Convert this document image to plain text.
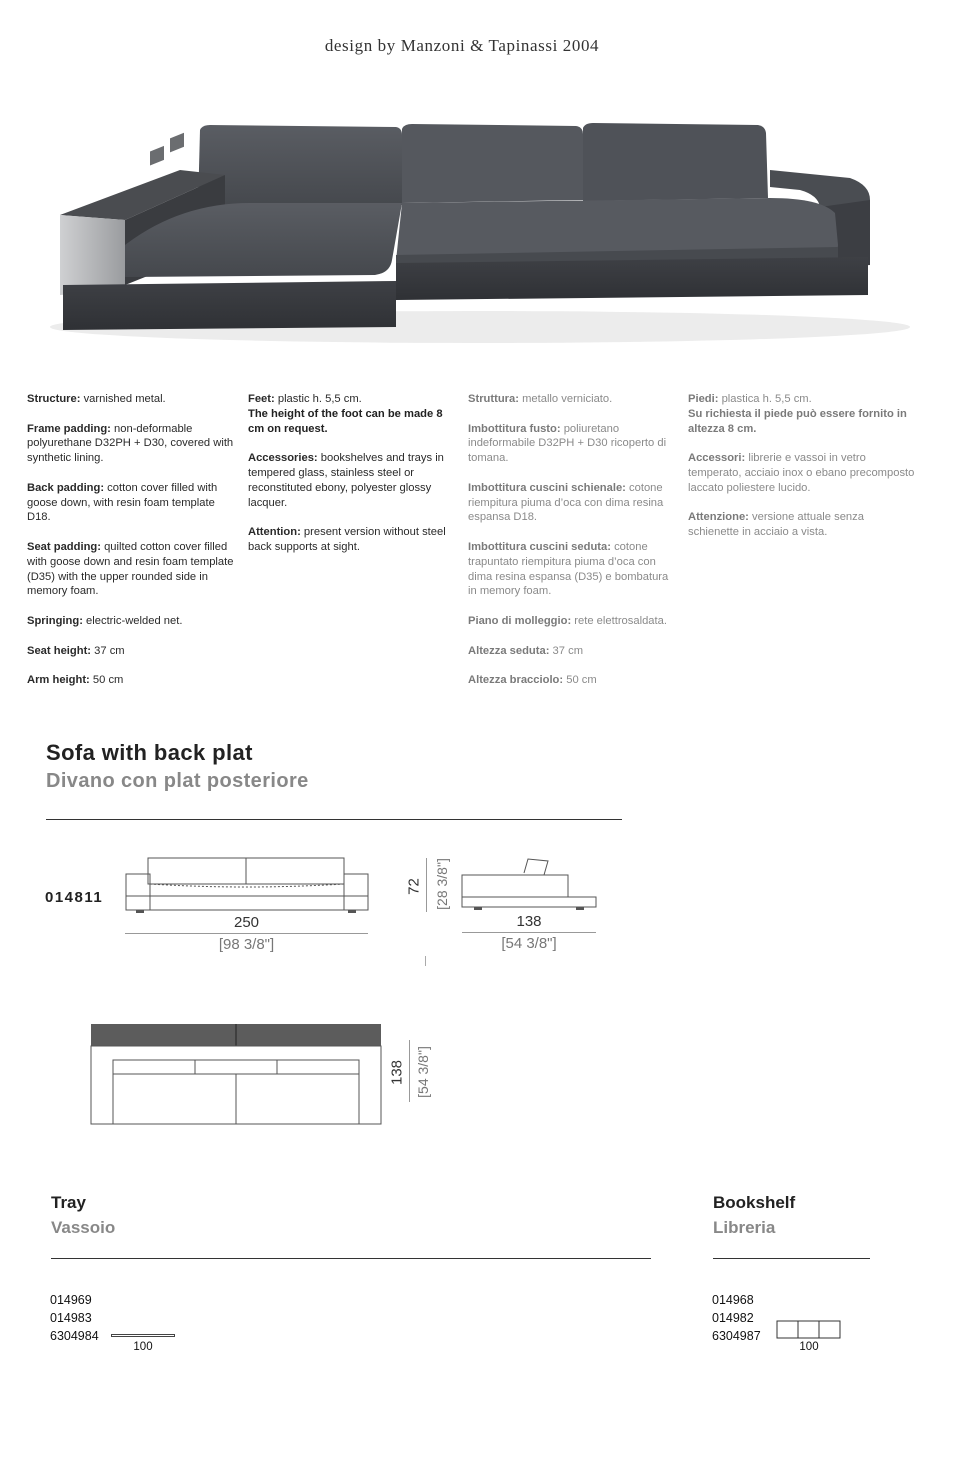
design by Manzoni & Tapinassi 2004

Structure: varnished metal.

Frame padding: non-deformable polyurethane D32PH + D30, covered with synthetic lining.

Back padding: cotton cover filled with goose down, with resin foam template D18.

Seat padding: quilted cotton cover filled with goose down and resin foam template (D35) with the upper rounded side in memory foam.

Springing: electric-welded net.

Seat height: 37 cm

Arm height: 50 cm

Feet: plastic h. 5,5 cm.
The height of the foot can be made 8 cm on request.

Accessories: bookshelves and trays in tempered glass, stainless steel or reconstituted ebony, polyester glossy lacquer.

Attention: present version without steel back supports at sight.

Struttura: metallo verniciato.

Imbottitura fusto: poliuretano indeformabile D32PH + D30 ricoperto di tomana.

Imbottitura cuscini schienale: cotone riempitura piuma d’oca con dima resina espansa D18.

Imbottitura cuscini seduta: cotone trapuntato riempitura piuma d’oca con dima resina espansa (D35) e bombatura in memory foam.

Piano di molleggio: rete elettrosaldata.

Altezza seduta: 37 cm

Altezza bracciolo: 50 cm

Piedi: plastica h. 5,5 cm.
Su richiesta il piede può essere fornito in altezza 8 cm.

Accessori: librerie e vassoi in vetro temperato, acciaio inox o ebano precomposto laccato poliestere lucido.

Attenzione: versione attuale senza schienette in acciaio a vista.

Sofa with back plat
Divano con plat posteriore
014811
250
[98 3/8"]
72 [28 3/8"]
138
[54 3/8"]
138 [54 3/8"]
Tray
Vassoio
014969
014983
6304984
100
Bookshelf
Libreria
014968
014982
6304987
100
